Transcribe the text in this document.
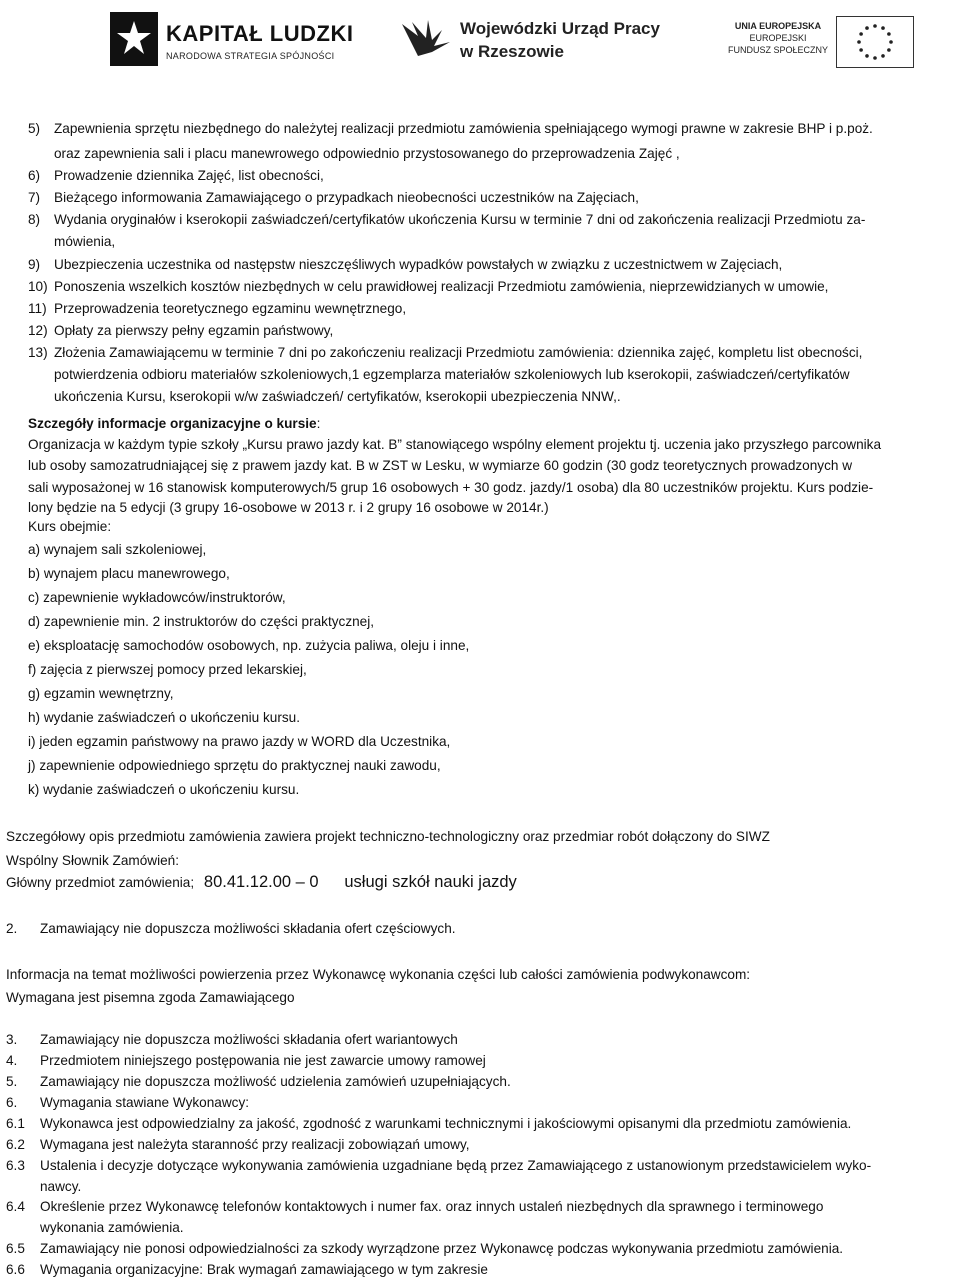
KAPITAŁ LUDZKI
NARODOWA STRATEGIA SPÓJNOŚCI
Wojewódzki Urząd Pracy
w Rzeszowie
UNIA EUROPEJSKA
EUROPEJSKI
FUNDUSZ SPOŁECZNY
5) Zapewnienia sprzętu niezbędnego do należytej realizacji przedmiotu zamówienia spełniającego wymogi prawne w zakresie BHP i p.poż.
oraz zapewnienia sali i placu manewrowego odpowiednio przystosowanego do przeprowadzenia Zajęć ,
6) Prowadzenie dziennika Zajęć, list obecności,
7) Bieżącego informowania Zamawiającego o przypadkach nieobecności uczestników na Zajęciach,
8) Wydania oryginałów i kserokopii zaświadczeń/certyfikatów ukończenia Kursu w terminie 7 dni od zakończenia realizacji Przedmiotu za-
mówienia,
9) Ubezpieczenia uczestnika od następstw nieszczęśliwych wypadków powstałych w związku z uczestnictwem w Zajęciach,
10) Ponoszenia wszelkich kosztów niezbędnych w celu prawidłowej realizacji Przedmiotu zamówienia, nieprzewidzianych w umowie,
11) Przeprowadzenia teoretycznego egzaminu wewnętrznego,
12) Opłaty za pierwszy pełny egzamin państwowy,
13) Złożenia Zamawiającemu w terminie 7 dni po zakończeniu realizacji Przedmiotu zamówienia: dziennika zajęć, kompletu list obecności,
potwierdzenia odbioru materiałów szkoleniowych,1 egzemplarza materiałów szkoleniowych lub kserokopii, zaświadczeń/certyfikatów
ukończenia Kursu, kserokopii w/w zaświadczeń/ certyfikatów, kserokopii ubezpieczenia NNW,.
Szczegóły informacje organizacyjne o kursie:
Organizacja w każdym typie szkoły „Kursu prawo jazdy kat. B” stanowiącego wspólny element projektu tj. uczenia jako przyszłego parcownika
lub osoby samozatrudniającej się z prawem jazdy kat. B w ZST w Lesku, w wymiarze 60 godzin (30 godz teoretycznych prowadzonych w
sali wyposażonej w 16 stanowisk komputerowych/5 grup 16 osobowych + 30 godz. jazdy/1 osoba) dla 80 uczestników projektu. Kurs podzie-
lony będzie na 5 edycji (3 grupy 16-osobowe w 2013 r. i 2 grupy 16 osobowe w 2014r.)
Kurs obejmie:
a) wynajem sali szkoleniowej,
b) wynajem placu manewrowego,
c) zapewnienie wykładowców/instruktorów,
d) zapewnienie min. 2 instruktorów do części praktycznej,
e) eksploatację samochodów osobowych, np. zużycia paliwa, oleju i inne,
f) zajęcia z pierwszej pomocy przed lekarskiej,
g) egzamin wewnętrzny,
h) wydanie zaświadczeń o ukończeniu kursu.
i) jeden egzamin państwowy na prawo jazdy w WORD dla Uczestnika,
j) zapewnienie odpowiedniego sprzętu do praktycznej nauki zawodu,
k) wydanie zaświadczeń o ukończeniu kursu.
Szczegółowy opis przedmiotu zamówienia zawiera projekt techniczno-technologiczny oraz przedmiar robót dołączony do SIWZ
Wspólny Słownik Zamówień:
Główny przedmiot zamówienia; 80.41.12.00 – 0 usługi szkół nauki jazdy
2. Zamawiający nie dopuszcza możliwości składania ofert częściowych.
Informacja na temat możliwości powierzenia przez Wykonawcę wykonania części lub całości zamówienia podwykonawcom:
Wymagana jest pisemna zgoda Zamawiającego
3. Zamawiający nie dopuszcza możliwości składania ofert wariantowych
4. Przedmiotem niniejszego postępowania nie jest zawarcie umowy ramowej
5. Zamawiający nie dopuszcza możliwość udzielenia zamówień uzupełniających.
6. Wymagania stawiane Wykonawcy:
6.1 Wykonawca jest odpowiedzialny za jakość, zgodność z warunkami technicznymi i jakościowymi opisanymi dla przedmiotu zamówienia.
6.2 Wymagana jest należyta staranność przy realizacji zobowiązań umowy,
6.3 Ustalenia i decyzje dotyczące wykonywania zamówienia uzgadniane będą przez Zamawiającego z ustanowionym przedstawicielem wyko-
nawcy.
6.4 Określenie przez Wykonawcę telefonów kontaktowych i numer fax. oraz innych ustaleń niezbędnych dla sprawnego i terminowego
wykonania zamówienia.
6.5 Zamawiający nie ponosi odpowiedzialności za szkody wyrządzone przez Wykonawcę podczas wykonywania przedmiotu zamówienia.
6.6 Wymagania organizacyjne: Brak wymagań zamawiającego w tym zakresie
